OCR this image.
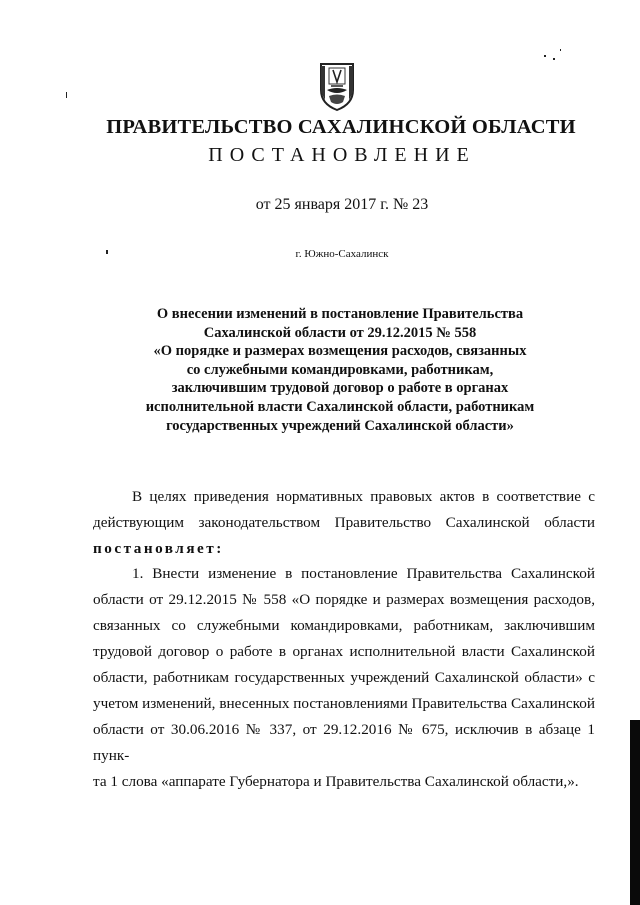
ПРАВИТЕЛЬСТВО САХАЛИНСКОЙ ОБЛАСТИ
ПОСТАНОВЛЕНИЕ
от 25 января 2017 г. № 23
г. Южно-Сахалинск
О внесении изменений в постановление Правительства
Сахалинской области от 29.12.2015 № 558
«О порядке и размерах возмещения расходов, связанных
со служебными командировками, работникам,
заключившим трудовой договор о работе в органах
исполнительной власти Сахалинской области, работникам
государственных учреждений Сахалинской области»
В целях приведения нормативных правовых актов в соответствие с
действующим законодательством Правительство Сахалинской области
постановляет:
1. Внести изменение в постановление Правительства Сахалинской
области от 29.12.2015 № 558 «О порядке и размерах возмещения расходов,
связанных со служебными командировками, работникам, заключившим
трудовой договор о работе в органах исполнительной власти Сахалинской
области, работникам государственных учреждений Сахалинской области» с
учетом изменений, внесенных постановлениями Правительства Сахалинской
области от 30.06.2016 № 337, от 29.12.2016 № 675, исключив в абзаце 1 пунк-
та 1 слова «аппарате Губернатора и Правительства Сахалинской области,».
